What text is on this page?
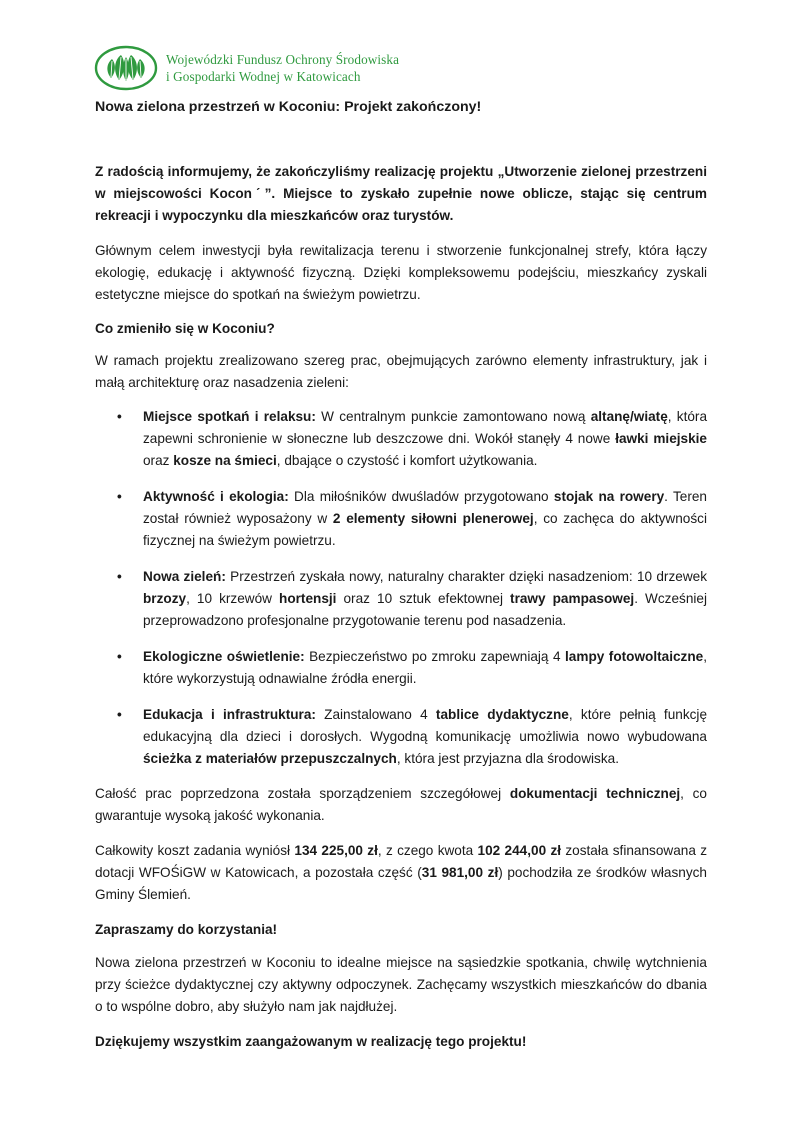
Wojewódzki Fundusz Ochrony Środowiska
i Gospodarki Wodnej w Katowicach
Nowa zielona przestrzeń w Koconiu: Projekt zakończony!

Z radością informujemy, że zakończyliśmy realizację projektu „Utworzenie zielonej przestrzeni w miejscowości Koconˊ”. Miejsce to zyskało zupełnie nowe oblicze, stając się centrum rekreacji i wypoczynku dla mieszkańców oraz turystów.

Głównym celem inwestycji była rewitalizacja terenu i stworzenie funkcjonalnej strefy, która łączy ekologię, edukację i aktywność fizyczną. Dzięki kompleksowemu podejściu, mieszkańcy zyskali estetyczne miejsce do spotkań na świeżym powietrzu.

Co zmieniło się w Koconiu?

W ramach projektu zrealizowano szereg prac, obejmujących zarówno elementy infrastruktury, jak i małą architekturę oraz nasadzenia zieleni:

• Miejsce spotkań i relaksu: W centralnym punkcie zamontowano nową altanę/wiatę, która zapewni schronienie w słoneczne lub deszczowe dni. Wokół stanęły 4 nowe ławki miejskie oraz kosze na śmieci, dbające o czystość i komfort użytkowania.
• Aktywność i ekologia: Dla miłośników dwuśladów przygotowano stojak na rowery. Teren został również wyposażony w 2 elementy siłowni plenerowej, co zachęca do aktywności fizycznej na świeżym powietrzu.
• Nowa zieleń: Przestrzeń zyskała nowy, naturalny charakter dzięki nasadzeniom: 10 drzewek brzozy, 10 krzewów hortensji oraz 10 sztuk efektownej trawy pampasowej. Wcześniej przeprowadzono profesjonalne przygotowanie terenu pod nasadzenia.
• Ekologiczne oświetlenie: Bezpieczeństwo po zmroku zapewniają 4 lampy fotowoltaiczne, które wykorzystują odnawialne źródła energii.
• Edukacja i infrastruktura: Zainstalowano 4 tablice dydaktyczne, które pełnią funkcję edukacyjną dla dzieci i dorosłych. Wygodną komunikację umożliwia nowo wybudowana ścieżka z materiałów przepuszczalnych, która jest przyjazna dla środowiska.

Całość prac poprzedzona została sporządzeniem szczegółowej dokumentacji technicznej, co gwarantuje wysoką jakość wykonania.

Całkowity koszt zadania wyniósł 134 225,00 zł, z czego kwota 102 244,00 zł została sfinansowana z dotacji WFOŚiGW w Katowicach, a pozostała część (31 981,00 zł) pochodziła ze środków własnych Gminy Ślemień.

Zapraszamy do korzystania!

Nowa zielona przestrzeń w Koconiu to idealne miejsce na sąsiedzkie spotkania, chwilę wytchnienia przy ścieżce dydaktycznej czy aktywny odpoczynek. Zachęcamy wszystkich mieszkańców do dbania o to wspólne dobro, aby służyło nam jak najdłużej.

Dziękujemy wszystkim zaangażowanym w realizację tego projektu!
